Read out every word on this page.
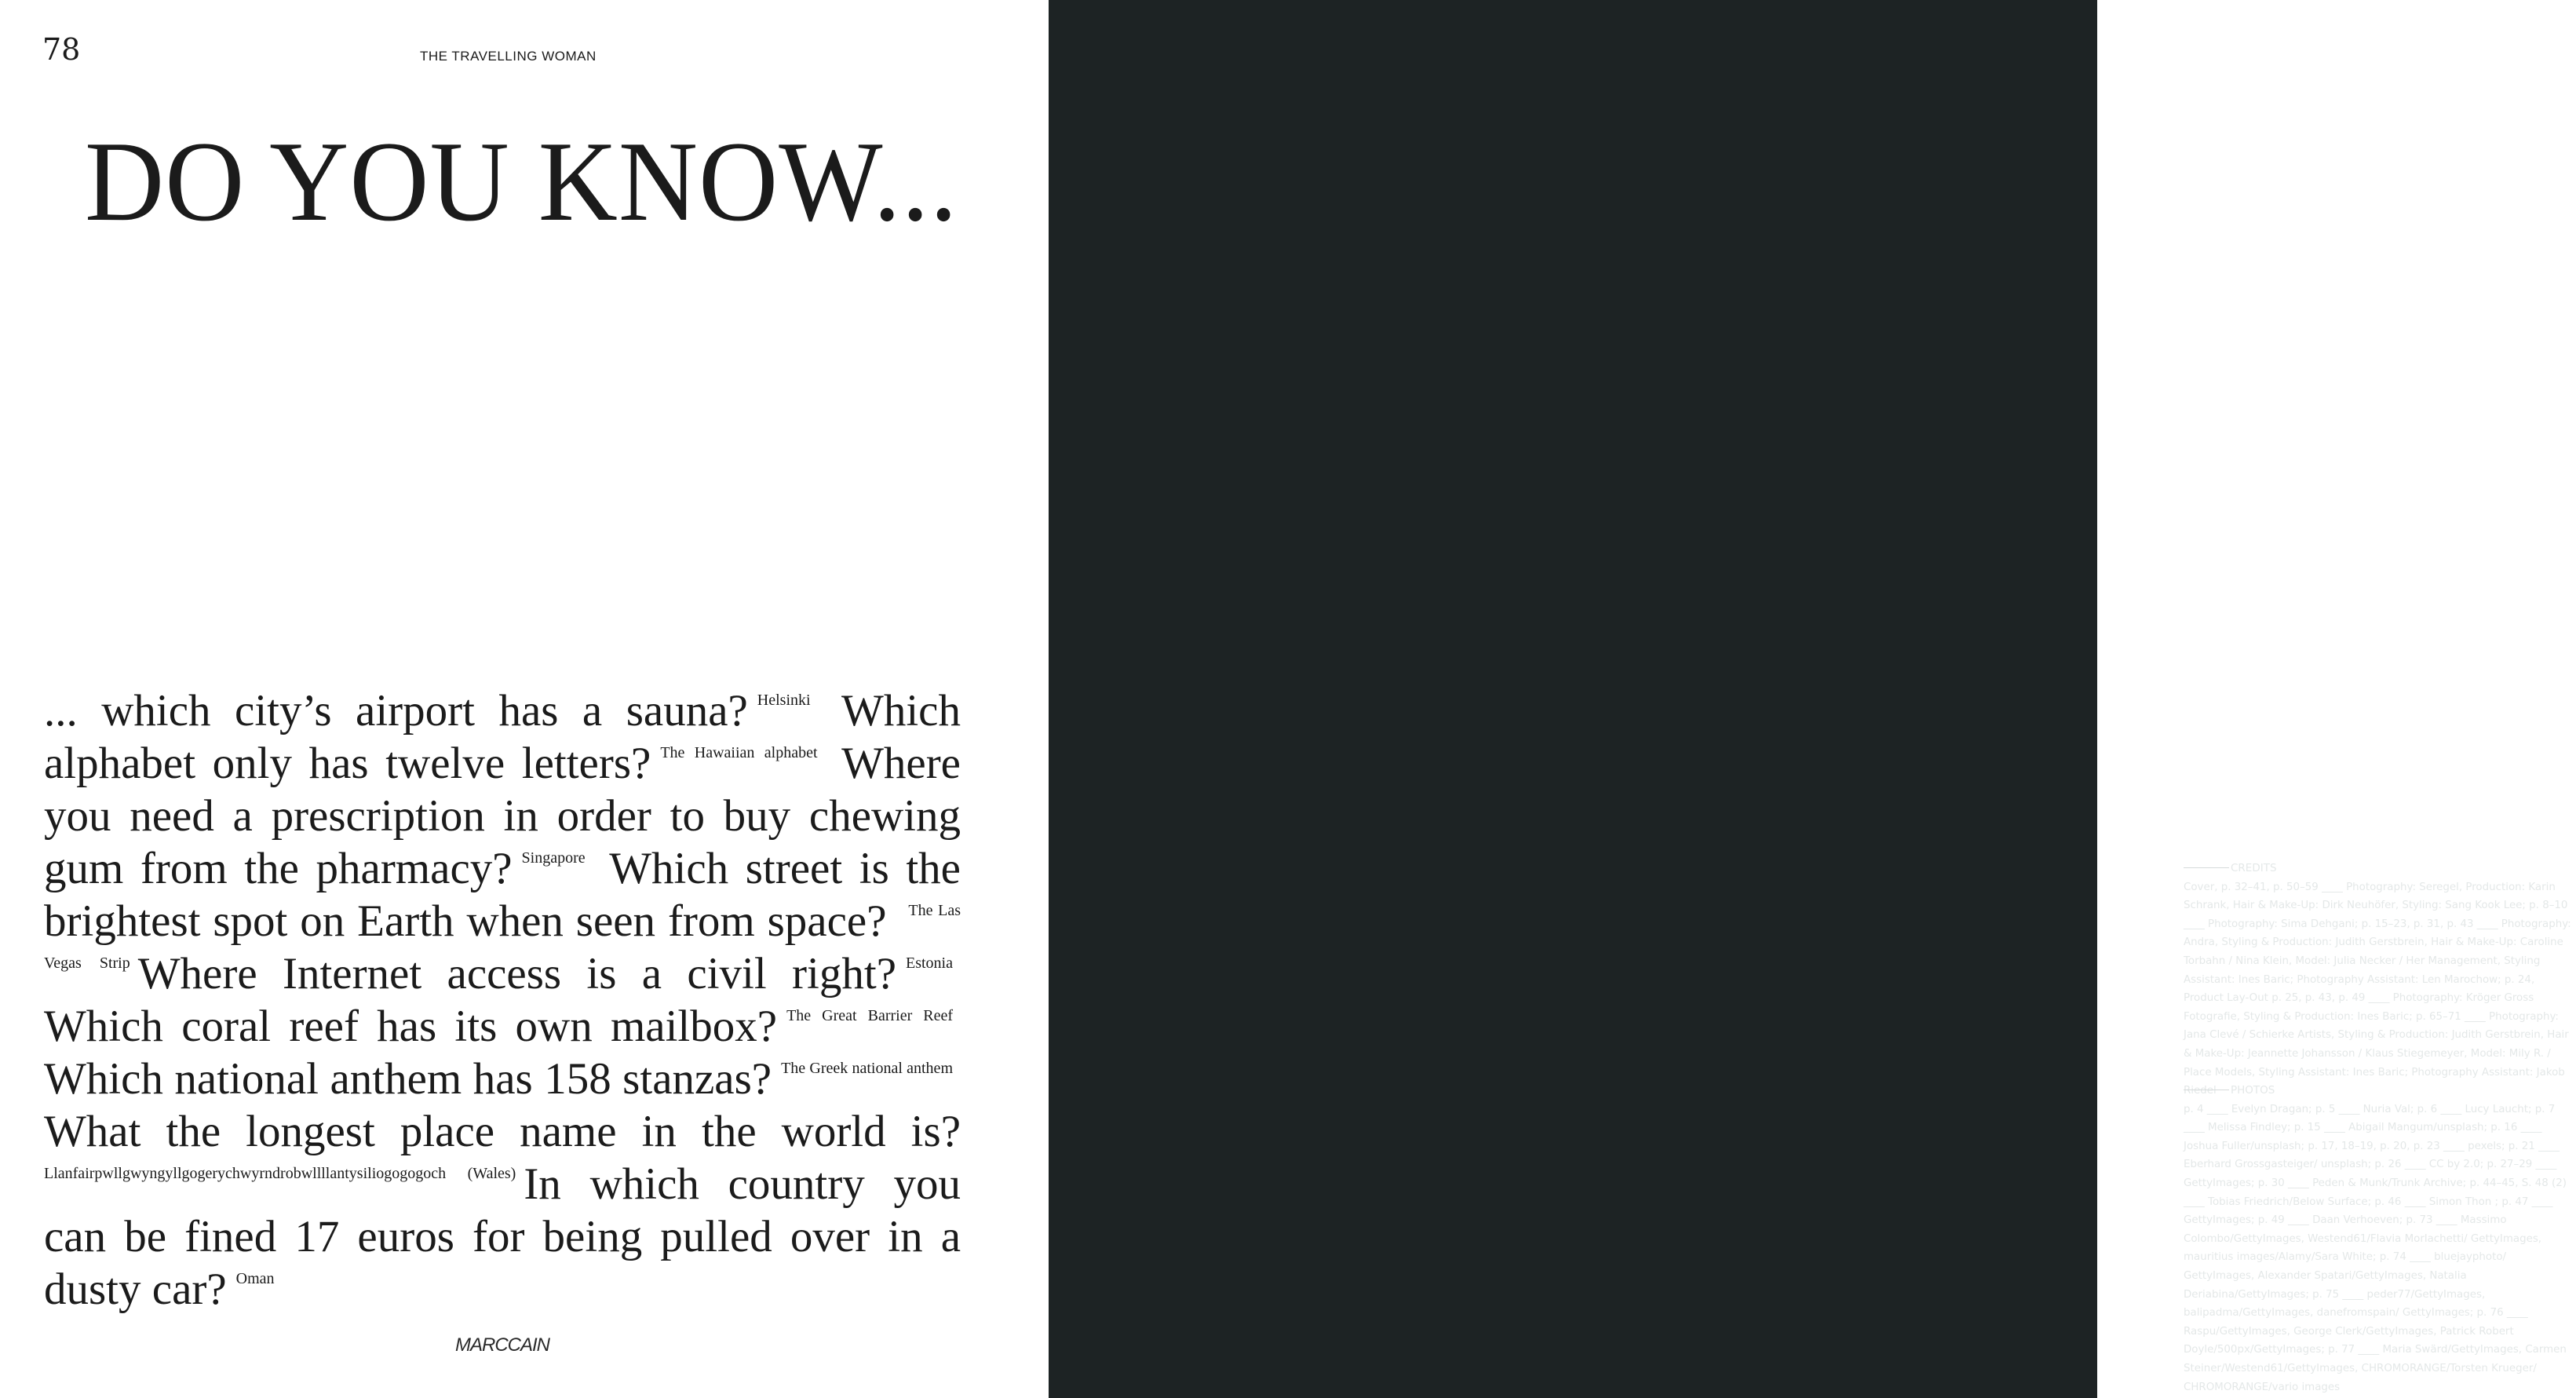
78	THE TRAVELLING WOMAN
DO YOU KNOW...

... which city’s airport has a sauna? $^{Helsinki}$ Which alphabet only has twelve letters? $^{The Hawaiian alphabet}$ Where you need a prescription in order to buy chewing gum from the pharmacy? $^{Singapore}$ Which street is the brightest spot on Earth when seen from space? $^{The Las Vegas Strip}$ Where Internet access is a civil right? $^{Estonia}$ Which coral reef has its own mailbox? $^{The Great Barrier Reef}$ Which national anthem has 158 stanzas? $^{The Greek national anthem}$ What the longest place name in the world is? $^{Llanfairpwllgwyngyllgogerychwyrndrobwllllantysiliogogogoch (Wales)}$ In which country you can be fined 17 euros for being pulled over in a dusty car? $^{Oman}$

MARCCAIN
CREDITS
Cover, p. 32–41, p. 50–59 ____ Photography: Seregel, Production: Karin Schrank, Hair & Make-Up: Dirk Neuhöfer, Styling: Sang Kook Lee; p. 8–10 ____ Photography: Sima Dehgani; p. 15–23, p. 31, p. 43 ____ Photography: Andra, Styling & Production: Judith Gerstbrein, Hair & Make-Up: Caroline Torbahn / Nina Klein, Model: Julia Necker / Her Management, Styling Assistant: Ines Baric; Photography Assistant: Len Marochow; p. 24, Product Lay-Out p. 25, p. 43, p. 49 ____ Photography: Kröger Gross Fotografie, Styling & Production: Ines Baric; p. 65–71 ____ Photography: Jana Clevé / Schierke Artists, Styling & Production: Judith Gerstbrein, Hair & Make-Up: Jeannette Johansson / Klaus Stiegemeyer, Model: Mily R. / Place Models, Styling Assistant: Ines Baric; Photography Assistant: Jakob Riedel	PHOTOS
p. 4 ____ Evelyn Dragan; p. 5 ____ Nuria Val; p. 6 ____ Lucy Laucht; p. 7 ____ Melissa Findley; p. 15 ____ Abigail Mangum/unsplash; p. 16 ____ Joshua Fuller/unsplash; p. 17, 18–19, p. 20, p. 23 ____ pexels; p. 21 ____ Eberhard Grossgasteiger/ unsplash; p. 26 ____ CC by 2.0; p. 27–29 ____ GettyImages; p. 30 ____ Peden & Munk/Trunk Archive; p. 44–45, S. 48 (2) ____ Tobias Friedrich/Below Surface; p. 46 ____ Simon Thon ; p. 47 ____ GettyImages; p. 49 ____ Daan Verhoeven; p. 73 ____ Massimo Colombo/GettyImages, Westend61/Flavia Morlachetti/ GettyImages, mauritius images/Alamy/Sara White; p. 74 ____ bluejayphoto/ GettyImages, Alexander Spatari/GettyImages, Natalia Deriabina/GettyImages; p. 75 ____ peder77/GettyImages, balipadma/GettyImages, danefromspain/ GettyImages; p. 76 ____ Raspu/GettyImages, George Clerk/GettyImages, Patrick Robert Doyle/500px/GettyImages; p. 77 ____ Maria Swärd/GettyImages, Carmen Steiner/Westend61/GettyImages, CHROMORANGE/Torsten Krueger/ CHROMORANGE/vario images
